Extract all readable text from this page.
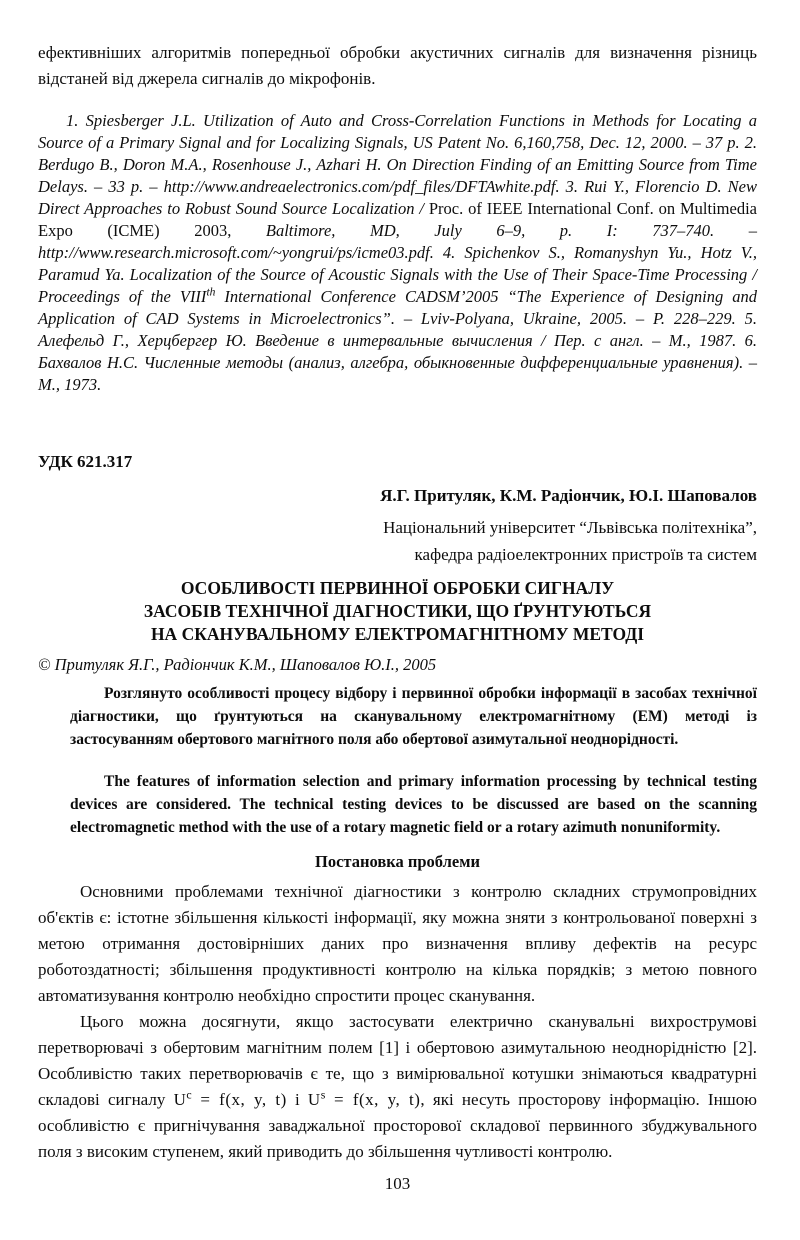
ефективніших алгоритмів попередньої обробки акустичних сигналів для визначення різниць відстаней від джерела сигналів до мікрофонів.

1. Spiesberger J.L. Utilization of Auto and Cross-Correlation Functions in Methods for Locating a Source of a Primary Signal and for Localizing Signals, US Patent No. 6,160,758, Dec. 12, 2000. – 37 p. 2. Berdugo B., Doron M.A., Rosenhouse J., Azhari H. On Direction Finding of an Emitting Source from Time Delays. – 33 p. – http://www.andreaelectronics.com/pdf_files/DFTAwhite.pdf. 3. Rui Y., Florencio D. New Direct Approaches to Robust Sound Source Localization / Proc. of IEEE International Conf. on Multimedia Expo (ICME) 2003, Baltimore, MD, July 6–9, p. I: 737–740. – http://www.research.microsoft.com/~yongrui/ps/icme03.pdf. 4. Spichenkov S., Romanyshyn Yu., Hotz V., Paramud Ya. Localization of the Source of Acoustic Signals with the Use of Their Space-Time Processing / Proceedings of the VIIIth International Conference CADSM’2005 “The Experience of Designing and Application of CAD Systems in Microelectronics”. – Lviv-Polyana, Ukraine, 2005. – P. 228–229. 5. Алефельд Г., Херцбергер Ю. Введение в интервальные вычисления / Пер. с англ. – М., 1987. 6. Бахвалов Н.С. Численные методы (анализ, алгебра, обыкновенные дифференциальные уравнения). – М., 1973.

УДК 621.317

Я.Г. Притуляк, К.М. Радіончик, Ю.І. Шаповалов

Національний університет “Львівська політехніка”,

кафедра радіоелектронних пристроїв та систем

ОСОБЛИВОСТІ ПЕРВИННОЇ ОБРОБКИ СИГНАЛУ
ЗАСОБІВ ТЕХНІЧНОЇ ДІАГНОСТИКИ, ЩО ҐРУНТУЮТЬСЯ
НА СКАНУВАЛЬНОМУ ЕЛЕКТРОМАГНІТНОМУ МЕТОДІ

© Притуляк Я.Г., Радіончик К.М., Шаповалов Ю.І., 2005

Розглянуто особливості процесу відбору і первинної обробки інформації в засобах технічної діагностики, що ґрунтуються на сканувальному електромагнітному (ЕМ) методі із застосуванням обертового магнітного поля або обертової азимутальної неоднорідності.

The features of information selection and primary information processing by technical testing devices are considered. The technical testing devices to be discussed are based on the scanning electromagnetic method with the use of a rotary magnetic field or a rotary azimuth nonuniformity.

Постановка проблеми

Основними проблемами технічної діагностики з контролю складних струмопровідних об'єктів є: істотне збільшення кількості інформації, яку можна зняти з контрольованої поверхні з метою отримання достовірніших даних про визначення впливу дефектів на ресурс роботоздатності; збільшення продуктивності контролю на кілька порядків; з метою повного автоматизування контролю необхідно спростити процес сканування.

Цього можна досягнути, якщо застосувати електрично сканувальні вихрострумові перетворювачі з обертовим магнітним полем [1] і обертовою азимутальною неоднорідністю [2]. Особливістю таких перетворювачів є те, що з вимірювальної котушки знімаються квадратурні складові сигналу $U^c = f(x$, y, t) і $U^s = f(x$, y, t), які несуть просторову інформацію. Іншою особливістю є пригнічування заваджальної просторової складової первинного збуджувального поля з високим ступенем, який приводить до збільшення чутливості контролю.

103
